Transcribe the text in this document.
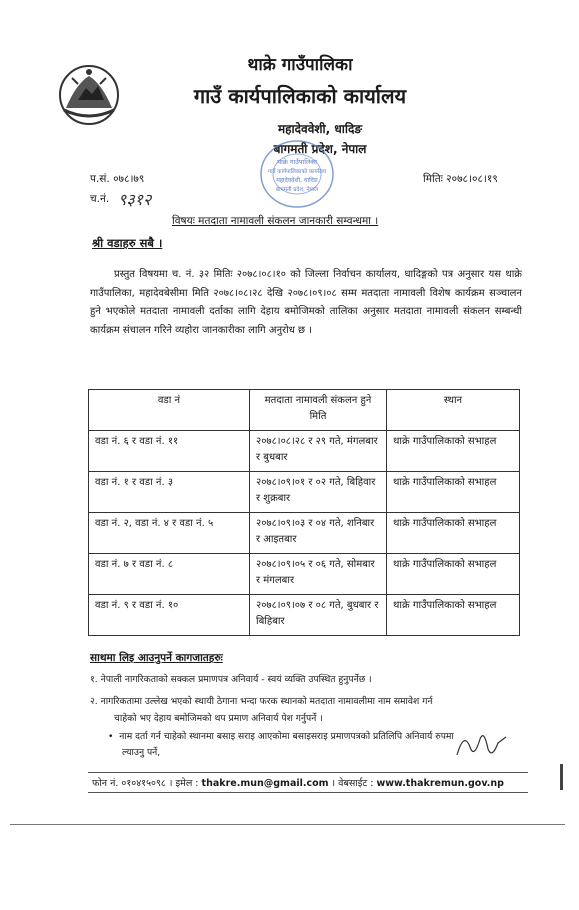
थाक्रे गाउँपालिका
गाउँ कार्यपालिकाको कार्यालय
महादेववेशी, धादिङ
बागमती प्रदेश, नेपाल
थाक्रे गाउँपालिका
गाउँ कार्यपालिकाको कार्यालय
महादेववेशी, धादिङ
बागमती प्रदेश, नेपाल
प.सं. ०७८।७९
च.नं. ९३१२
मितिः २०७८।०८।१९
विषयः मतदाता नामावली संकलन जानकारी सम्वन्धमा ।
श्री वडाहरु सबै ।
प्रस्तुत विषयमा च. नं. ३२ मितिः २०७८।०८।१० को जिल्ला निर्वाचन कार्यालय, धादिङ्गको पत्र अनुसार यस थाक्रे गाउँपालिका, महादेवबेसीमा मिति २०७८।०८।२८ देखि २०७८।०९।०८ सम्म मतदाता नामावली विशेष कार्यक्रम सञ्चालन हुने भएकोले मतदाता नामावली दर्ताका लागि देहाय बमोजिमको तालिका अनुसार मतदाता नामावली संकलन सम्बन्धी कार्यक्रम संचालन गरिने व्यहोरा जानकारीका लागि अनुरोध छ ।
वडा नं	मतदाता नामावली संकलन हुने मिति	स्थान
वडा नं. ६ र वडा नं. ११	२०७८।०८।२८ र २९ गते, मंगलबार र बुधबार	थाक्रे गाउँपालिकाको सभाहल
वडा नं. १ र वडा नं. ३	२०७८।०९।०१ र ०२ गते, बिहिवार र शुक्रबार	थाक्रे गाउँपालिकाको सभाहल
वडा नं. २, वडा नं. ४ र वडा नं. ५	२०७८।०९।०३ र ०४ गते, शनिबार र आइतबार	थाक्रे गाउँपालिकाको सभाहल
वडा नं. ७ र वडा नं. ८	२०७८।०९।०५ र ०६ गते, सोमबार र मंगलबार	थाक्रे गाउँपालिकाको सभाहल
वडा नं. ९ र वडा नं. १०	२०७८।०९।०७ र ०८ गते, बुधबार र बिहिबार	थाक्रे गाउँपालिकाको सभाहल
साथमा लिइ आउनुपर्ने कागजातहरुः
१. नेपाली नागरिकताको सक्कल प्रमाणपत्र अनिवार्य - स्वयं व्यक्ति उपस्थित हुनुपर्नेछ ।
२. नागरिकतामा उल्लेख भएको स्थायी ठेगाना भन्दा फरक स्थानको मतदाता नामावलीमा नाम समावेश गर्न
चाहेको भए देहाय बमोजिमको थप प्रमाण अनिवार्य पेश गर्नुपर्ने ।
•  नाम दर्ता गर्न चाहेको स्थानमा बसाइ सराइ आएकोमा बसाइसराइ प्रमाणपत्रको प्रतिलिपि अनिवार्य रुपमा
ल्याउनु पर्ने,
फोन नं. ०१०४१५०९८ । इमेल : thakre.mun@gmail.com । वेबसाईट : www.thakremun.gov.np
